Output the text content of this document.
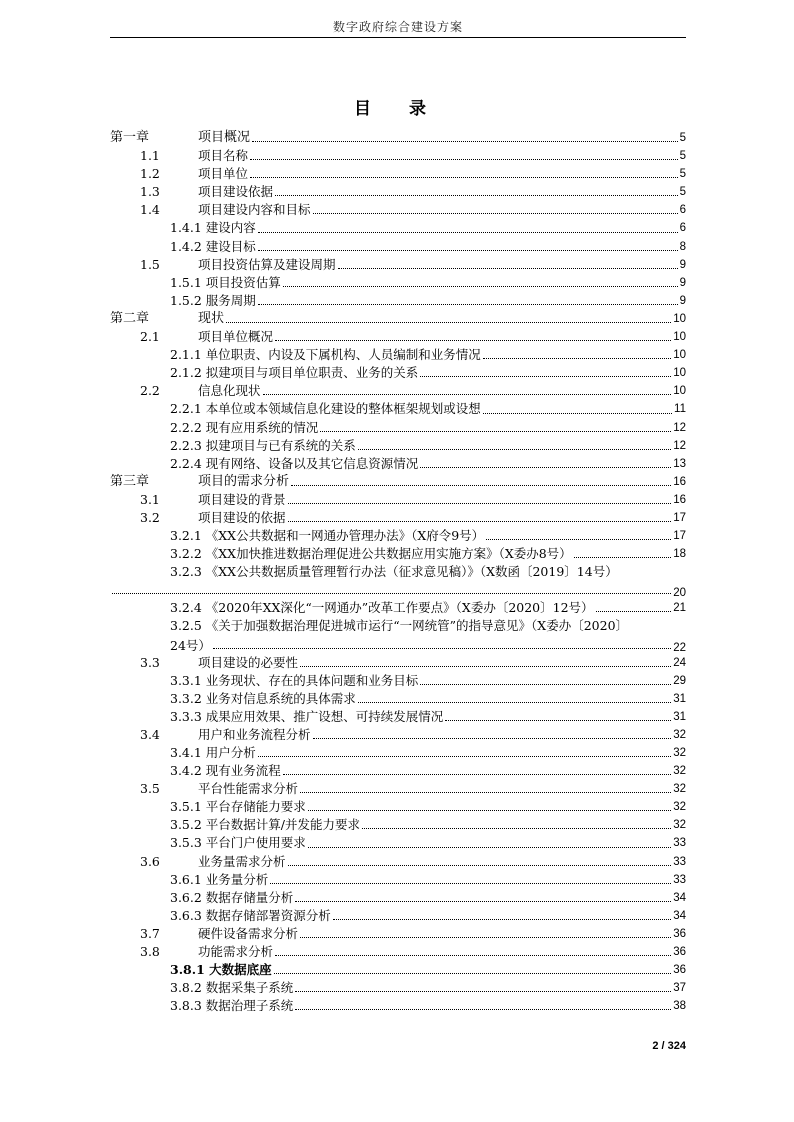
数字政府综合建设方案
目 录
第一章	项目概况	5
1.1	项目名称	5
1.2	项目单位	5
1.3	项目建设依据	5
1.4	项目建设内容和目标	6
1.4.1 建设内容	6
1.4.2 建设目标	8
1.5	项目投资估算及建设周期	9
1.5.1 项目投资估算	9
1.5.2 服务周期	9
第二章	现状	10
2.1	项目单位概况	10
2.1.1 单位职责、内设及下属机构、人员编制和业务情况	10
2.1.2 拟建项目与项目单位职责、业务的关系	10
2.2	信息化现状	10
2.2.1 本单位或本领域信息化建设的整体框架规划或设想	11
2.2.2 现有应用系统的情况	12
2.2.3 拟建项目与已有系统的关系	12
2.2.4 现有网络、设备以及其它信息资源情况	13
第三章	项目的需求分析	16
3.1	项目建设的背景	16
3.2	项目建设的依据	17
3.2.1 《XX公共数据和一网通办管理办法》（X府令9号）	17
3.2.2 《XX加快推进数据治理促进公共数据应用实施方案》（X委办8号）	18
3.2.3 《XX公共数据质量管理暂行办法（征求意见稿）》（X数函〔2019〕14号）
20
3.2.4 《2020年XX深化“一网通办”改革工作要点》（X委办〔2020〕12号）	21
3.2.5 《关于加强数据治理促进城市运行“一网统管”的指导意见》（X委办〔2020〕
24号）	22
3.3	项目建设的必要性	24
3.3.1 业务现状、存在的具体问题和业务目标	29
3.3.2 业务对信息系统的具体需求	31
3.3.3 成果应用效果、推广设想、可持续发展情况	31
3.4	用户和业务流程分析	32
3.4.1 用户分析	32
3.4.2 现有业务流程	32
3.5	平台性能需求分析	32
3.5.1 平台存储能力要求	32
3.5.2 平台数据计算/并发能力要求	32
3.5.3 平台门户使用要求	33
3.6	业务量需求分析	33
3.6.1 业务量分析	33
3.6.2 数据存储量分析	34
3.6.3 数据存储部署资源分析	34
3.7	硬件设备需求分析	36
3.8	功能需求分析	36
3.8.1 大数据底座	36
3.8.2 数据采集子系统	37
3.8.3 数据治理子系统	38
2 / 324
